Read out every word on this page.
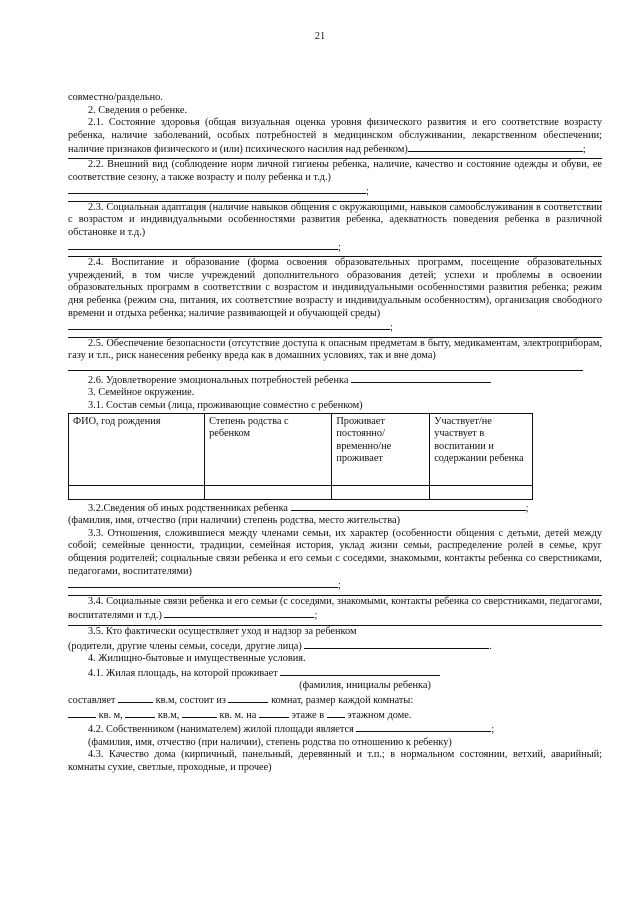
21

совместно/раздельно.

2. Сведения о ребенке.

2.1. Состояние здоровья (общая визуальная оценка уровня физического развития и его соответствие возрасту ребенка, наличие заболеваний, особых потребностей в медицинском обслуживании, лекарственном обеспечении; наличие признаков физического и (или) психического насилия над ребенком)	;

2.2. Внешний вид (соблюдение норм личной гигиены ребенка, наличие, качество и состояние одежды и обуви, ее соответствие сезону, а также возрасту и полу ребенка и т.д.)

;

2.3. Социальная адаптация (наличие навыков общения с окружающими, навыков самообслуживания в соответствии с возрастом и индивидуальными особенностями развития ребенка, адекватность поведения ребенка в различной обстановке и т.д.)

;

2.4. Воспитание и образование (форма освоения образовательных программ, посещение образовательных учреждений, в том числе учреждений дополнительного образования детей; успехи и проблемы в освоении образовательных программ в соответствии с возрастом и индивидуальными особенностями развития ребенка; режим дня ребенка (режим сна, питания, их соответствие возрасту и индивидуальным особенностям), организация свободного времени и отдыха ребенка; наличие развивающей и обучающей среды)

;

2.5. Обеспечение безопасности (отсутствие доступа к опасным предметам в быту, медикаментам, электроприборам, газу и т.п., риск нанесения ребенку вреда как в домашних условиях, так и вне дома)

2.6. Удовлетворение эмоциональных потребностей ребенка

3. Семейное окружение.

3.1. Состав семьи (лица, проживающие совместно с ребенком)

ФИО, год рождения	Степень родства с ребенком	Проживает постоянно/временно/не проживает	Участвует/не участвует в воспитании и содержании ребенка

3.2.Сведения об иных родственниках ребенка	;

(фамилия, имя, отчество (при наличии) степень родства, место жительства)

3.3. Отношения, сложившиеся между членами семьи, их характер (особенности общения с детьми, детей между собой; семейные ценности, традиции, семейная история, уклад жизни семьи, распределение ролей в семье, круг общения родителей; социальные связи ребенка и его семьи с соседями, знакомыми, контакты ребенка со сверстниками, педагогами, воспитателями)

;

3.4. Социальные связи ребенка и его семьи (с соседями, знакомыми, контакты ребенка со сверстниками, педагогами, воспитателями и т.д.)	;

3.5. Кто фактически осуществляет уход и надзор за ребенком

(родители, другие члены семьи, соседи, другие лица)	.

4. Жилищно-бытовые и имущественные условия.

4.1. Жилая площадь, на которой проживает

(фамилия, инициалы ребенка)

составляет	кв.м, состоит из	комнат, размер каждой комнаты:

кв. м,	кв.м,	кв. м. на	этаже в этажном доме.

4.2. Собственником (нанимателем) жилой площади является	;

(фамилия, имя, отчество (при наличии), степень родства по отношению к ребенку)

4.3. Качество дома (кирпичный, панельный, деревянный и т.п.; в нормальном состоянии, ветхий, аварийный; комнаты сухие, светлые, проходные, и прочее)
